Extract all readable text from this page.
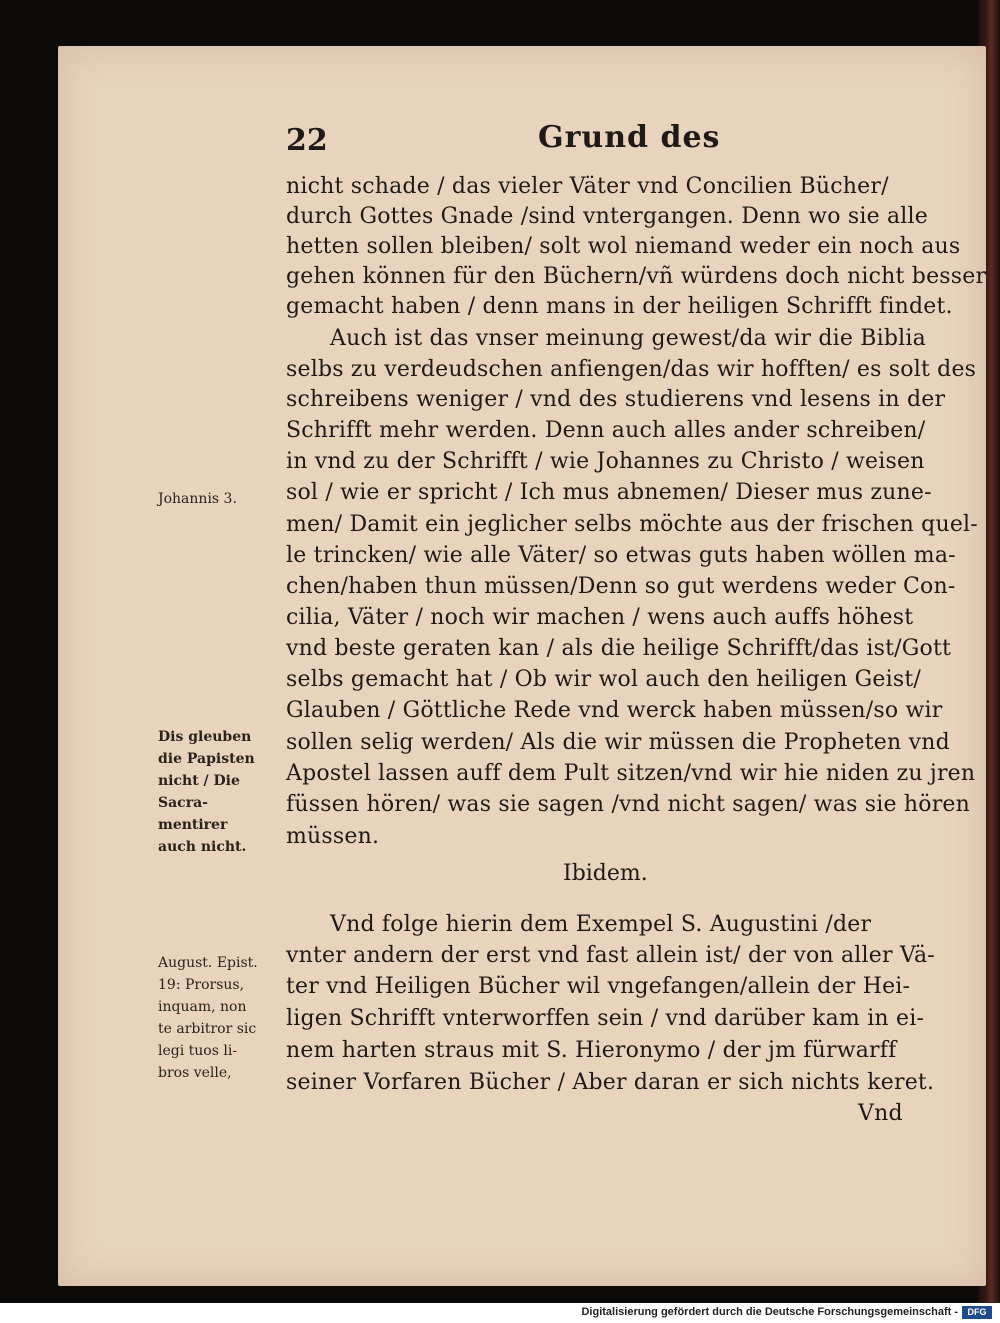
22	Grund des
nicht schade / das vieler Väter vnd Concilien Bücher/
durch Gottes Gnade /sind vntergangen. Denn wo sie alle
hetten sollen bleiben/ solt wol niemand weder ein noch aus
gehen können für den Büchern/vñ würdens doch nicht besser
gemacht haben / denn mans in der heiligen Schrifft findet.
Auch ist das vnser meinung gewest/da wir die Biblia
selbs zu verdeudschen anfiengen/das wir hofften/ es solt des
schreibens weniger / vnd des studierens vnd lesens in der
Schrifft mehr werden. Denn auch alles ander schreiben/
in vnd zu der Schrifft / wie Johannes zu Christo / weisen
sol / wie er spricht / Ich mus abnemen/ Dieser mus zune-
men/ Damit ein jeglicher selbs möchte aus der frischen quel-
le trincken/ wie alle Väter/ so etwas guts haben wöllen ma-
chen/haben thun müssen/Denn so gut werdens weder Con-
cilia, Väter / noch wir machen / wens auch auffs höhest
vnd beste geraten kan / als die heilige Schrifft/das ist/Gott
selbs gemacht hat / Ob wir wol auch den heiligen Geist/
Glauben / Göttliche Rede vnd werck haben müssen/so wir
sollen selig werden/ Als die wir müssen die Propheten vnd
Apostel lassen auff dem Pult sitzen/vnd wir hie niden zu jren
füssen hören/ was sie sagen /vnd nicht sagen/ was sie hören
müssen.
Ibidem.
Vnd folge hierin dem Exempel S. Augustini /der
vnter andern der erst vnd fast allein ist/ der von aller Vä-
ter vnd Heiligen Bücher wil vngefangen/allein der Hei-
ligen Schrifft vnterworffen sein / vnd darüber kam in ei-
nem harten straus mit S. Hieronymo / der jm fürwarff
seiner Vorfaren Bücher / Aber daran er sich nichts keret.
Vnd
Johannis 3.
Dis gleuben
die Papisten
nicht / Die
Sacra-
mentirer
auch nicht.
August. Epist.
19: Prorsus,
inquam, non
te arbitror sic
legi tuos li-
bros velle,
Digitalisierung gefördert durch die Deutsche Forschungsgemeinschaft -	DFG
